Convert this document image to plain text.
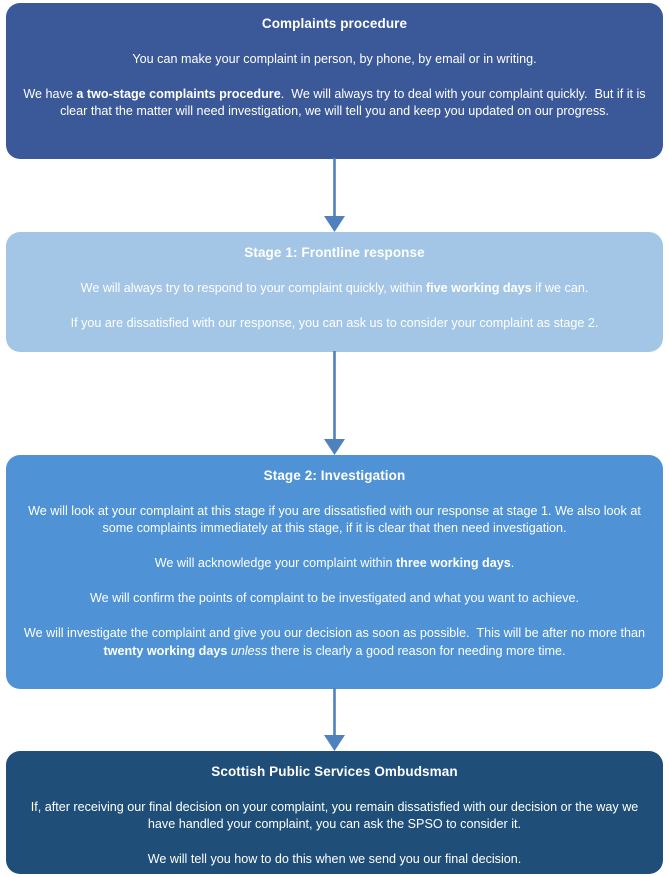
Complaints procedure

You can make your complaint in person, by phone, by email or in writing.

We have a two-stage complaints procedure.  We will always try to deal with your complaint quickly.  But if it is clear that the matter will need investigation, we will tell you and keep you updated on our progress.

Stage 1: Frontline response

We will always try to respond to your complaint quickly, within five working days if we can.

If you are dissatisfied with our response, you can ask us to consider your complaint as stage 2.

Stage 2: Investigation

We will look at your complaint at this stage if you are dissatisfied with our response at stage 1. We also look at some complaints immediately at this stage, if it is clear that then need investigation.

We will acknowledge your complaint within three working days.

We will confirm the points of complaint to be investigated and what you want to achieve.

We will investigate the complaint and give you our decision as soon as possible.  This will be after no more than twenty working days unless there is clearly a good reason for needing more time.

Scottish Public Services Ombudsman

If, after receiving our final decision on your complaint, you remain dissatisfied with our decision or the way we have handled your complaint, you can ask the SPSO to consider it.

We will tell you how to do this when we send you our final decision.
